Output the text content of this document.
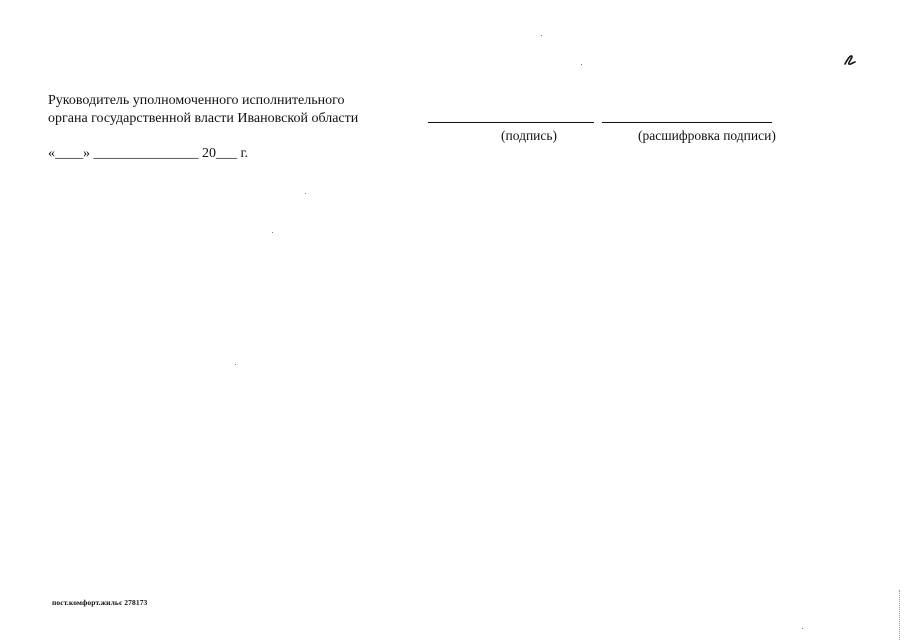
Руководитель уполномоченного исполнительного

органа государственной власти Ивановской области

(подпись)	(расшифровка подписи)
«____» _______________ 20___ г.
пост.комфорт.жильє 278173
